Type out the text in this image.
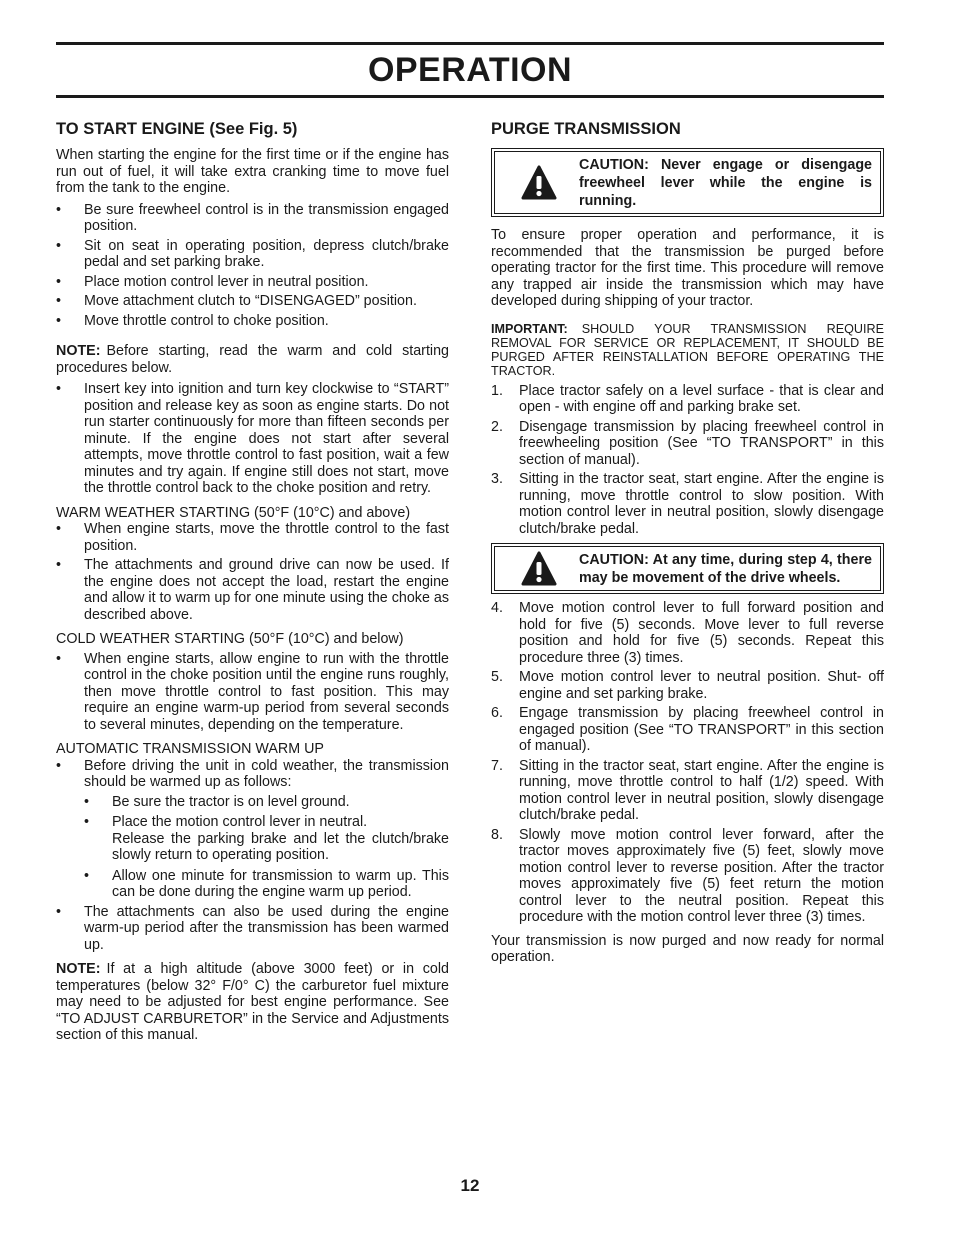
OPERATION
TO START ENGINE (See Fig. 5)

When starting the engine for the first time or if the engine has run out of fuel, it will take extra cranking time to move fuel from the tank to the engine.

• Be sure freewheel control is in the transmission engaged position.
• Sit on seat in operating position, depress clutch/brake pedal and set parking brake.
• Place motion control lever in neutral position.
• Move attachment clutch to “DISENGAGED” position.
• Move throttle control to choke position.

NOTE: Before starting, read the warm and cold starting procedures below.

• Insert key into ignition and turn key clockwise to “START” position and release key as soon as engine starts. Do not run starter continuously for more than fifteen seconds per minute. If the engine does not start after several attempts, move throttle control to fast position, wait a few minutes and try again. If engine still does not start, move the throttle control back to the choke position and retry.

WARM WEATHER STARTING (50°F (10°C) and above)

• When engine starts, move the throttle control to the fast position.
• The attachments and ground drive can now be used. If the engine does not accept the load, restart the engine and allow it to warm up for one minute using the choke as described above.

COLD WEATHER STARTING (50°F (10°C) and below)

• When engine starts, allow engine to run with the throttle control in the choke position until the engine runs roughly, then move throttle control to fast position. This may require an engine warm-up period from several seconds to several minutes, depending on the temperature.

AUTOMATIC TRANSMISSION WARM UP

• Before driving the unit in cold weather, the transmission should be warmed up as follows:
• Be sure the tractor is on level ground.
• Place the motion control lever in neutral.
Release the parking brake and let the clutch/brake slowly return to operating position.
• Allow one minute for transmission to warm up. This can be done during the engine warm up period.
• The attachments can also be used during the engine warm-up period after the transmission has been warmed up.

NOTE: If at a high altitude (above 3000 feet) or in cold temperatures (below 32° F/0° C) the carburetor fuel mixture may need to be adjusted for best engine performance. See “TO ADJUST CARBURETOR” in the Service and Adjustments section of this manual.

PURGE TRANSMISSION
CAUTION: Never engage or disengage freewheel lever while the engine is running.

To ensure proper operation and performance, it is recommended that the transmission be purged before operating tractor for the first time. This procedure will remove any trapped air inside the transmission which may have developed during shipping of your tractor.

IMPORTANT: SHOULD YOUR TRANSMISSION REQUIRE REMOVAL FOR SERVICE OR REPLACEMENT, IT SHOULD BE PURGED AFTER REINSTALLATION BEFORE OPERATING THE TRACTOR.

1. Place tractor safely on a level surface - that is clear and open - with engine off and parking brake set.
2. Disengage transmission by placing freewheel control in freewheeling position (See “TO TRANSPORT” in this section of manual).
3. Sitting in the tractor seat, start engine. After the engine is running, move throttle control to slow position. With motion control lever in neutral position, slowly disengage clutch/brake pedal.
CAUTION: At any time, during step 4, there may be movement of the drive wheels.
4. Move motion control lever to full forward position and hold for five (5) seconds. Move lever to full reverse position and hold for five (5) seconds. Repeat this procedure three (3) times.
5. Move motion control lever to neutral position. Shut- off engine and set parking brake.
6. Engage transmission by placing freewheel control in engaged position (See “TO TRANSPORT” in this section of manual).
7. Sitting in the tractor seat, start engine. After the engine is running, move throttle control to half (1/2) speed. With motion control lever in neutral position, slowly disengage clutch/brake pedal.
8. Slowly move motion control lever forward, after the tractor moves approximately five (5) feet, slowly move motion control lever to reverse position. After the tractor moves approximately five (5) feet return the motion control lever to the neutral position. Repeat this procedure with the motion control lever three (3) times.

Your transmission is now purged and now ready for normal operation.

12
